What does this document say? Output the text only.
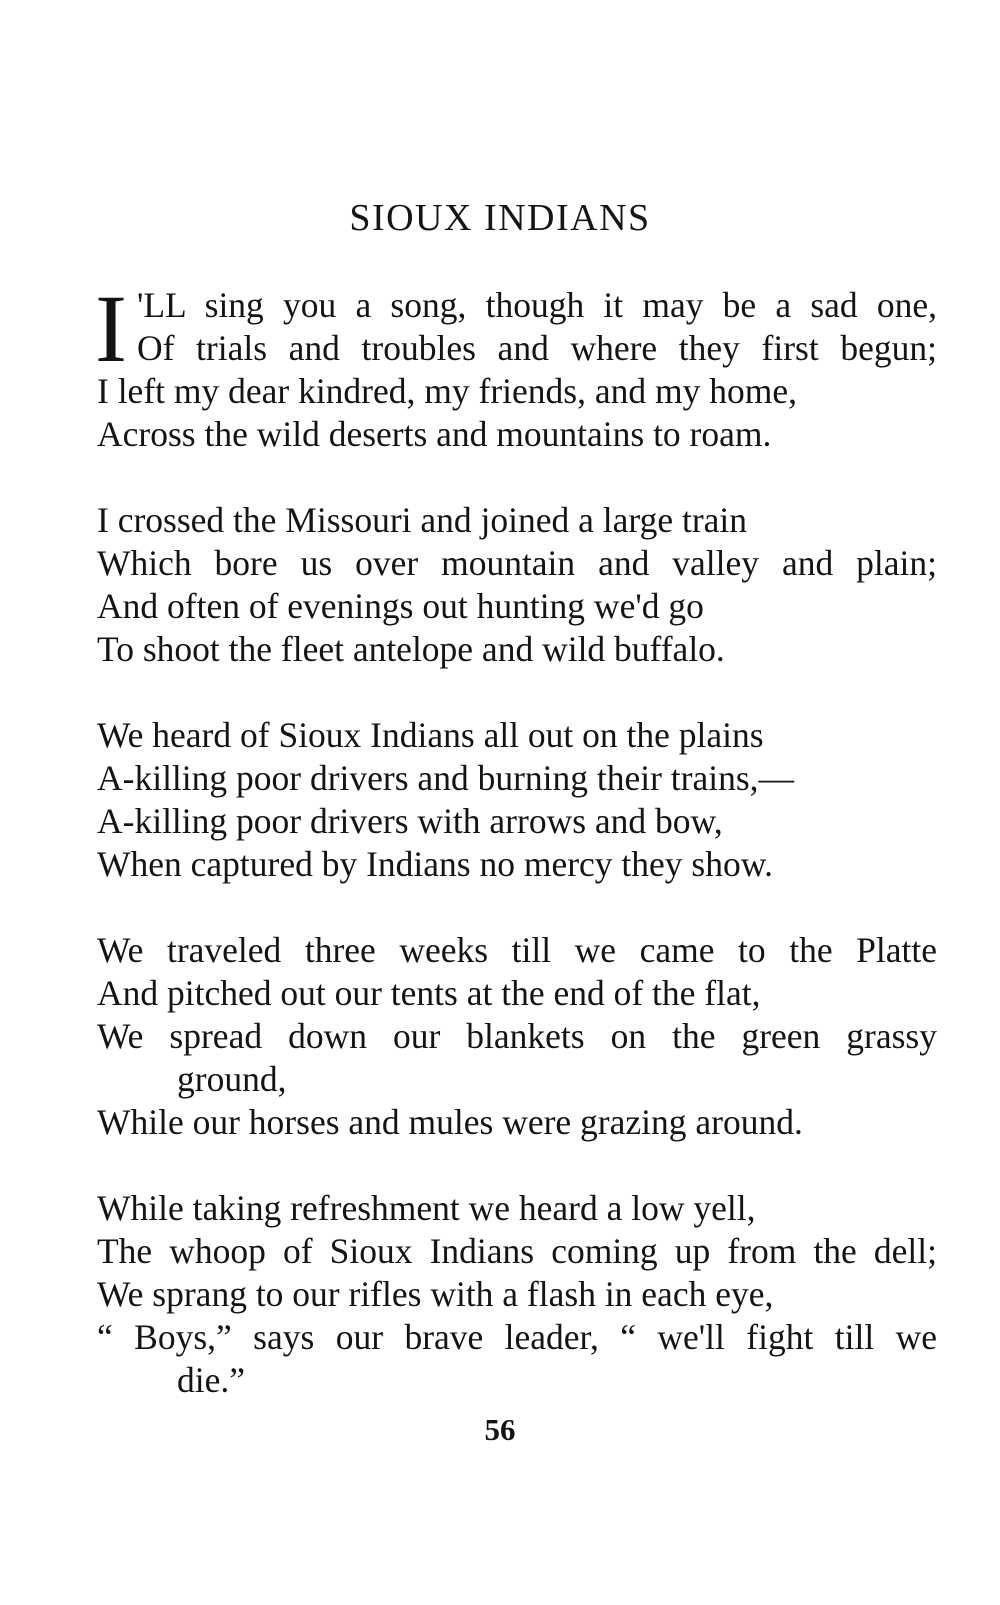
SIOUX INDIANS
I 'LL sing you a song, though it may be a sad one,
Of trials and troubles and where they first begun;
I left my dear kindred, my friends, and my home,
Across the wild deserts and mountains to roam.
I crossed the Missouri and joined a large train
Which bore us over mountain and valley and plain;
And often of evenings out hunting we'd go
To shoot the fleet antelope and wild buffalo.
We heard of Sioux Indians all out on the plains
A-killing poor drivers and burning their trains,—
A-killing poor drivers with arrows and bow,
When captured by Indians no mercy they show.
We traveled three weeks till we came to the Platte
And pitched out our tents at the end of the flat,
We spread down our blankets on the green grassy
ground,
While our horses and mules were grazing around.
While taking refreshment we heard a low yell,
The whoop of Sioux Indians coming up from the dell;
We sprang to our rifles with a flash in each eye,
“ Boys,” says our brave leader, “ we'll fight till we
die.”
56
